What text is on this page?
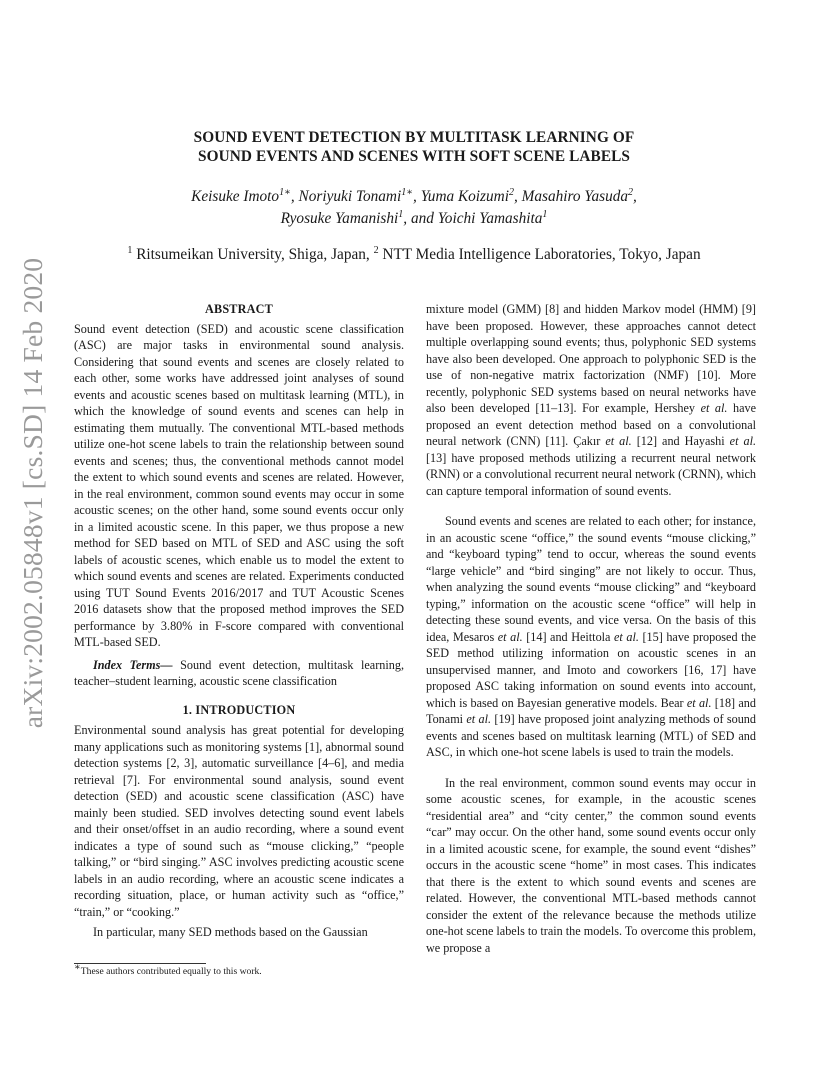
arXiv:2002.05848v1 [cs.SD] 14 Feb 2020
SOUND EVENT DETECTION BY MULTITASK LEARNING OF
SOUND EVENTS AND SCENES WITH SOFT SCENE LABELS
Keisuke Imoto$^{1∗}$, Noriyuki Tonami$^{1∗}$, Yuma Koizumi$^2$, Masahiro Yasuda$^2$,
Ryosuke Yamanishi$^1$, and Yoichi Yamashita$^1$
$^1$ Ritsumeikan University, Shiga, Japan, $^2$ NTT Media Intelligence Laboratories, Tokyo, Japan
ABSTRACT

Sound event detection (SED) and acoustic scene classification (ASC) are major tasks in environmental sound analysis. Considering that sound events and scenes are closely related to each other, some works have addressed joint analyses of sound events and acoustic scenes based on multitask learning (MTL), in which the knowledge of sound events and scenes can help in estimating them mutually. The conventional MTL-based methods utilize one-hot scene labels to train the relationship between sound events and scenes; thus, the conventional methods cannot model the extent to which sound events and scenes are related. However, in the real environment, common sound events may occur in some acoustic scenes; on the other hand, some sound events occur only in a limited acoustic scene. In this paper, we thus propose a new method for SED based on MTL of SED and ASC using the soft labels of acoustic scenes, which enable us to model the extent to which sound events and scenes are related. Experiments conducted using TUT Sound Events 2016/2017 and TUT Acoustic Scenes 2016 datasets show that the proposed method improves the SED performance by 3.80% in F-score compared with conventional MTL-based SED.

Index Terms— Sound event detection, multitask learning, teacher–student learning, acoustic scene classification

1. INTRODUCTION

Environmental sound analysis has great potential for developing many applications such as monitoring systems [1], abnormal sound detection systems [2, 3], automatic surveillance [4–6], and media retrieval [7]. For environmental sound analysis, sound event detection (SED) and acoustic scene classification (ASC) have mainly been studied. SED involves detecting sound event labels and their onset/offset in an audio recording, where a sound event indicates a type of sound such as “mouse clicking,” “people talking,” or “bird singing.” ASC involves predicting acoustic scene labels in an audio recording, where an acoustic scene indicates a recording situation, place, or human activity such as “office,” “train,” or “cooking.”

In particular, many SED methods based on the Gaussian

mixture model (GMM) [8] and hidden Markov model (HMM) [9] have been proposed. However, these approaches cannot detect multiple overlapping sound events; thus, polyphonic SED systems have also been developed. One approach to polyphonic SED is the use of non-negative matrix factorization (NMF) [10]. More recently, polyphonic SED systems based on neural networks have also been developed [11–13]. For example, Hershey et al. have proposed an event detection method based on a convolutional neural network (CNN) [11]. Çakır et al. [12] and Hayashi et al. [13] have proposed methods utilizing a recurrent neural network (RNN) or a convolutional recurrent neural network (CRNN), which can capture temporal information of sound events.

Sound events and scenes are related to each other; for instance, in an acoustic scene “office,” the sound events “mouse clicking,” and “keyboard typing” tend to occur, whereas the sound events “large vehicle” and “bird singing” are not likely to occur. Thus, when analyzing the sound events “mouse clicking” and “keyboard typing,” information on the acoustic scene “office” will help in detecting these sound events, and vice versa. On the basis of this idea, Mesaros et al. [14] and Heittola et al. [15] have proposed the SED method utilizing information on acoustic scenes in an unsupervised manner, and Imoto and coworkers [16, 17] have proposed ASC taking information on sound events into account, which is based on Bayesian generative models. Bear et al. [18] and Tonami et al. [19] have proposed joint analyzing methods of sound events and scenes based on multitask learning (MTL) of SED and ASC, in which one-hot scene labels is used to train the models.

In the real environment, common sound events may occur in some acoustic scenes, for example, in the acoustic scenes “residential area” and “city center,” the common sound events “car” may occur. On the other hand, some sound events occur only in a limited acoustic scene, for example, the sound event “dishes” occurs in the acoustic scene “home” in most cases. This indicates that there is the extent to which sound events and scenes are related. However, the conventional MTL-based methods cannot consider the extent of the relevance because the methods utilize one-hot scene labels to train the models. To overcome this problem, we propose a

∗These authors contributed equally to this work.
